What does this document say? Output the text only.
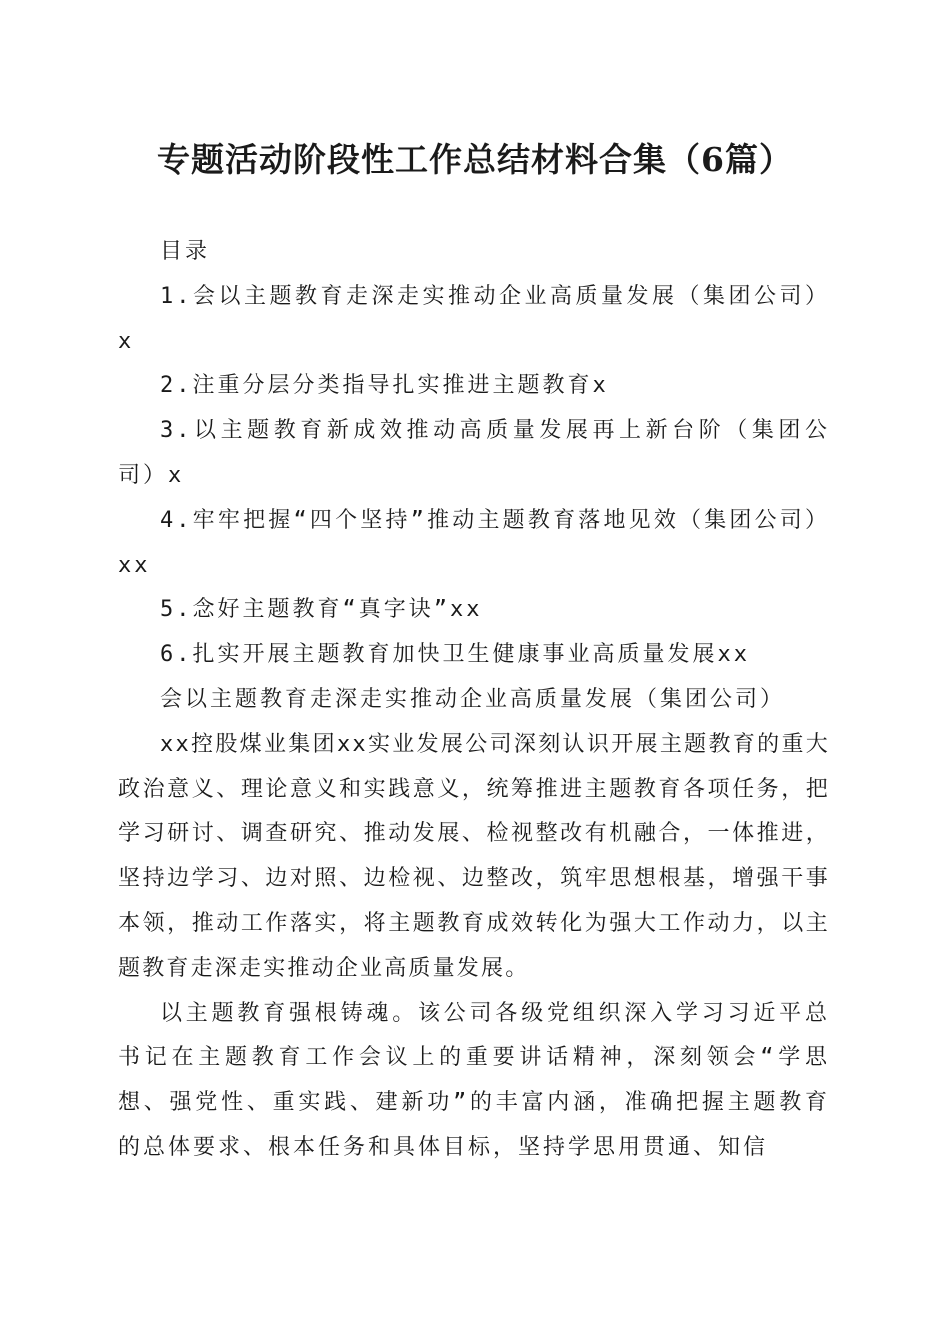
专题活动阶段性工作总结材料合集（6篇）

目录

1.会以主题教育走深走实推动企业高质量发展（集团公司）x

2.注重分层分类指导扎实推进主题教育x

3.以主题教育新成效推动高质量发展再上新台阶（集团公司）x

4.牢牢把握“四个坚持”推动主题教育落地见效（集团公司）xx

5.念好主题教育“真字诀”xx

6.扎实开展主题教育加快卫生健康事业高质量发展xx

会以主题教育走深走实推动企业高质量发展（集团公司）

xx控股煤业集团xx实业发展公司深刻认识开展主题教育的重大政治意义、理论意义和实践意义，统筹推进主题教育各项任务，把学习研讨、调查研究、推动发展、检视整改有机融合，一体推进，坚持边学习、边对照、边检视、边整改，筑牢思想根基，增强干事本领，推动工作落实，将主题教育成效转化为强大工作动力，以主题教育走深走实推动企业高质量发展。

以主题教育强根铸魂。该公司各级党组织深入学习习近平总书记在主题教育工作会议上的重要讲话精神，深刻领会“学思想、强党性、重实践、建新功”的丰富内涵，准确把握主题教育的总体要求、根本任务和具体目标，坚持学思用贯通、知信
